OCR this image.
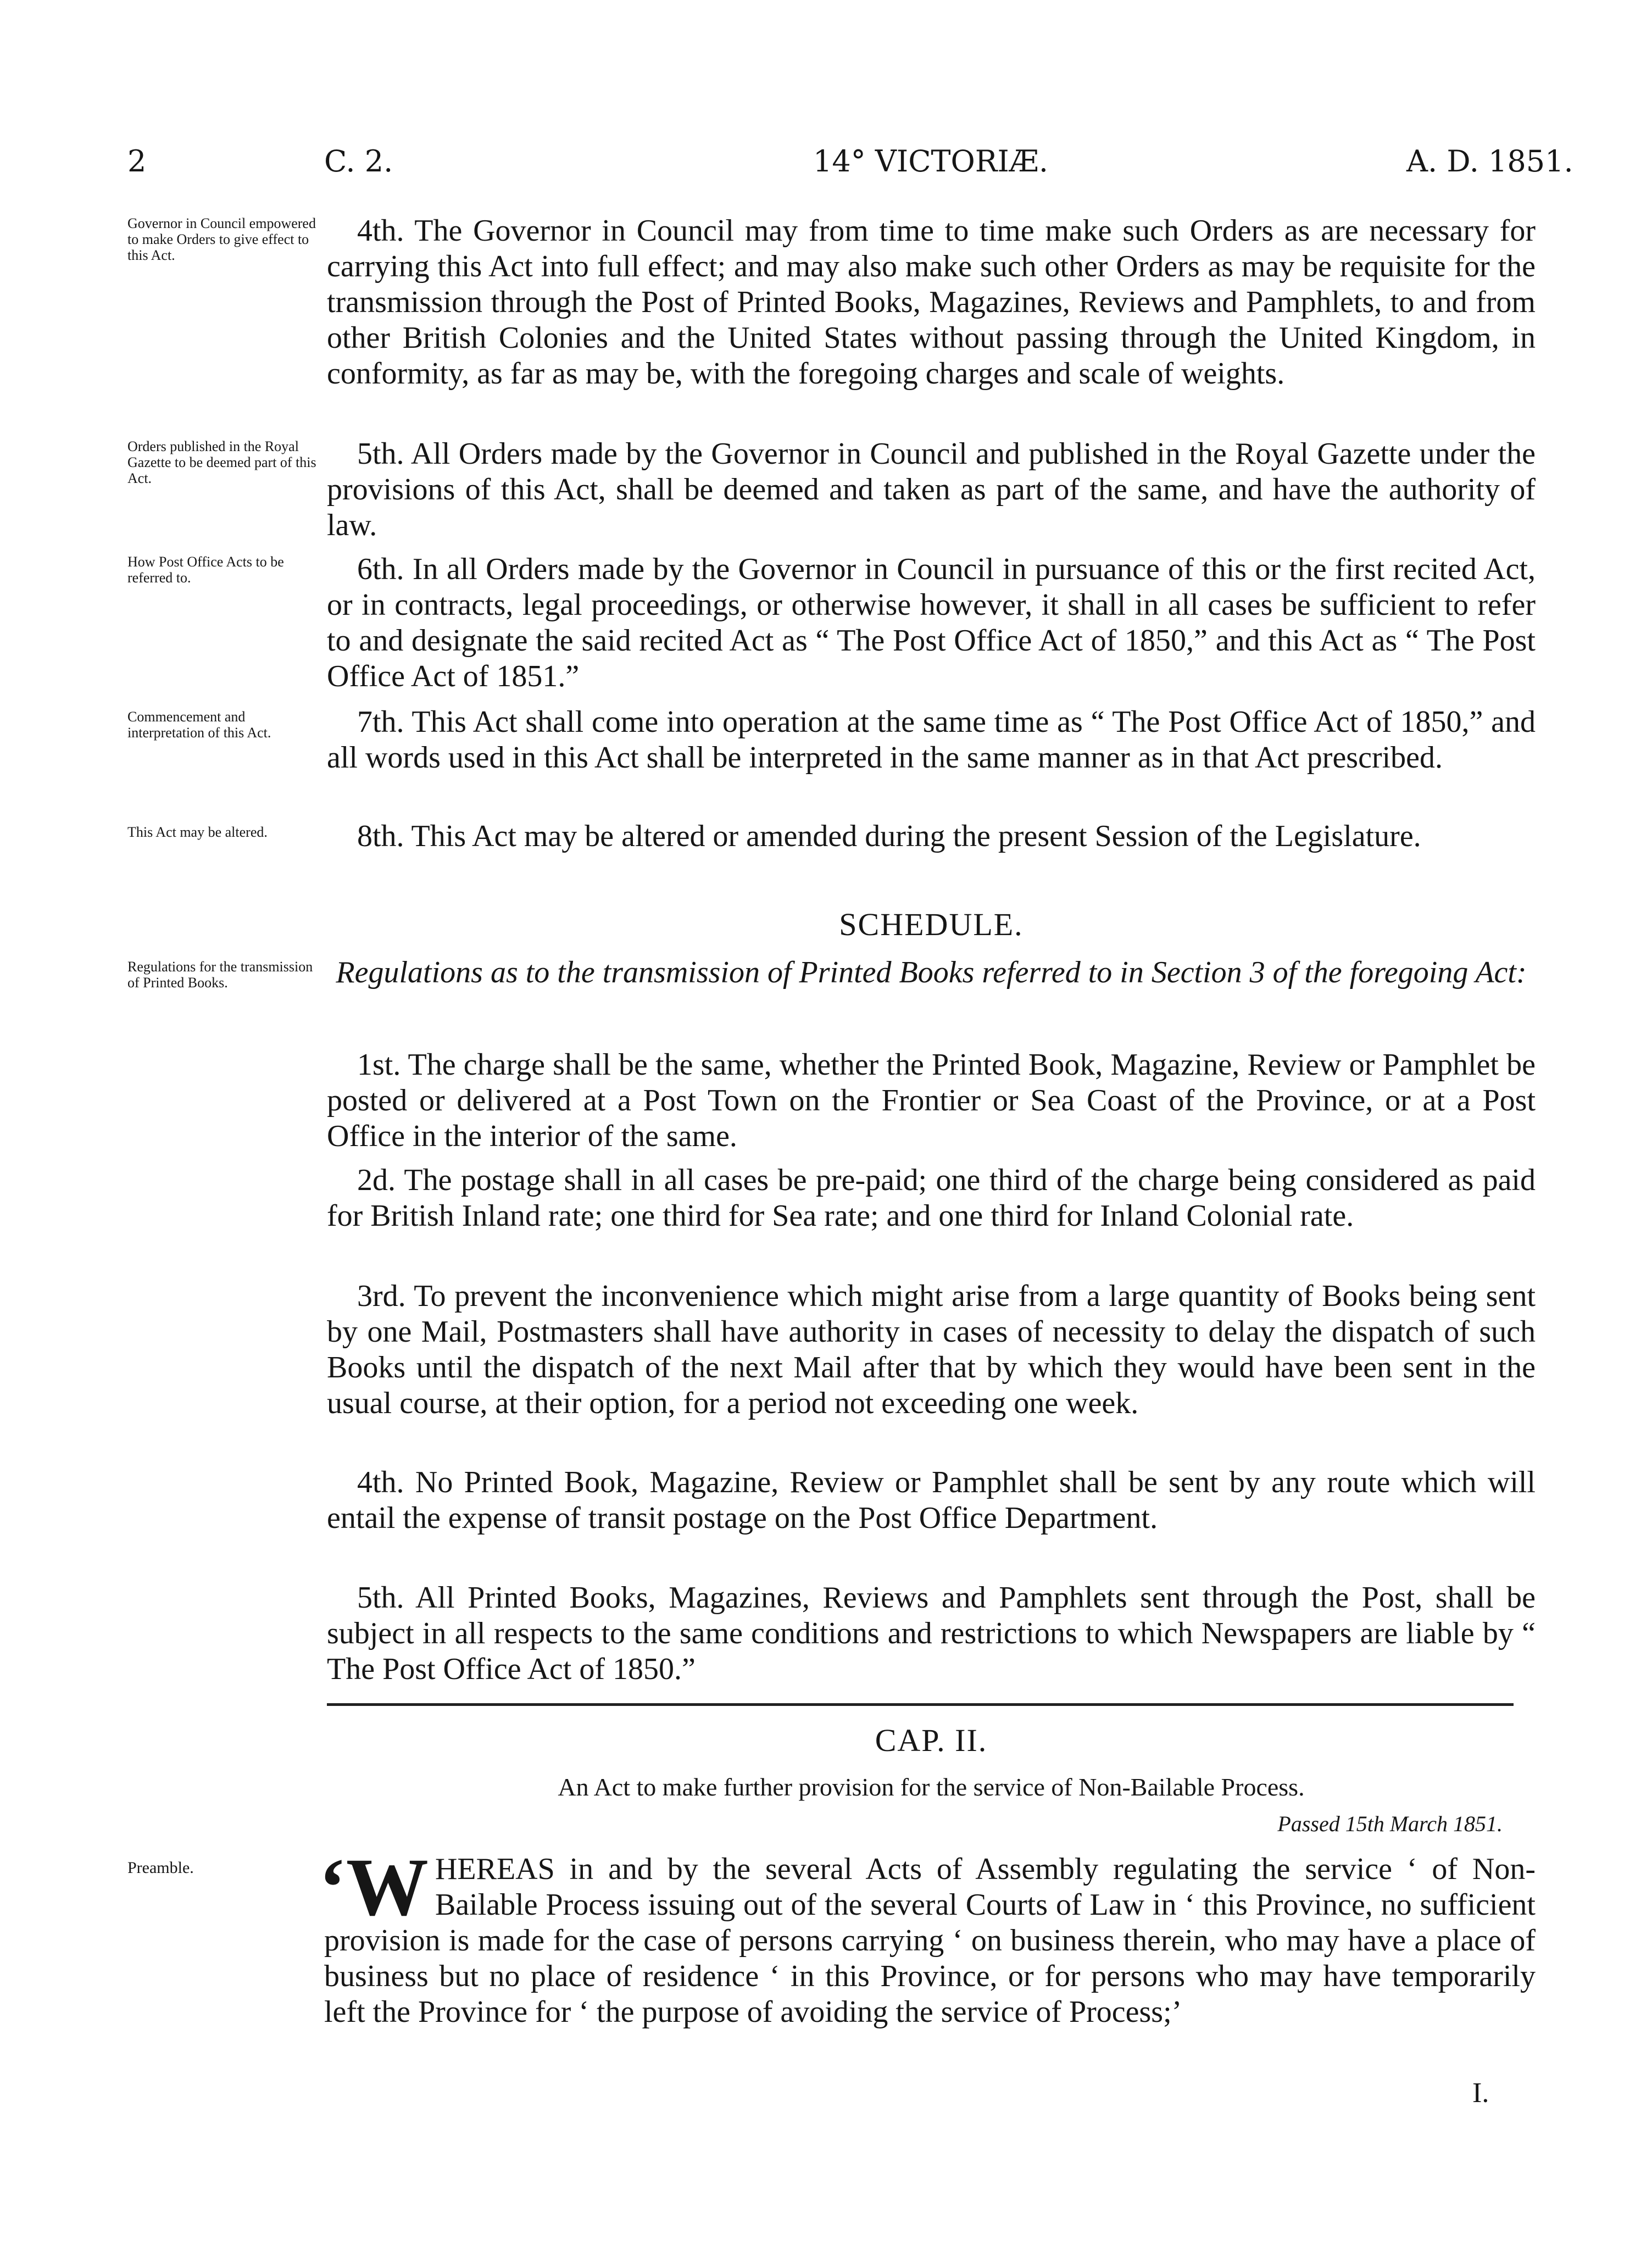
2	C. 2.	14° VICTORIÆ.	A. D. 1851.
Governor in Council empowered to make Orders to give effect to this Act.
4th. The Governor in Council may from time to time make such Orders as are necessary for carrying this Act into full effect; and may also make such other Orders as may be requisite for the transmission through the Post of Printed Books, Magazines, Reviews and Pamphlets, to and from other British Colonies and the United States without passing through the United Kingdom, in conformity, as far as may be, with the foregoing charges and scale of weights.
Orders published in the Royal Gazette to be deemed part of this Act.
5th. All Orders made by the Governor in Council and published in the Royal Gazette under the provisions of this Act, shall be deemed and taken as part of the same, and have the authority of law.
How Post Office Acts to be referred to.	6th. In all Orders made by the Governor in Council in pursuance of this or the first recited Act, or in contracts, legal proceedings, or otherwise however, it shall in all cases be sufficient to refer to and designate the said recited Act as “ The Post Office Act of 1850,” and this Act as “ The Post Office Act of 1851.”
Commencement and interpretation of this Act.	7th. This Act shall come into operation at the same time as “ The Post Office Act of 1850,” and all words used in this Act shall be interpreted in the same manner as in that Act prescribed.
This Act may be altered.	8th. This Act may be altered or amended during the present Session of the Legislature.
SCHEDULE.
Regulations for the transmission of Printed Books.	Regulations as to the transmission of Printed Books referred to in Section 3 of the foregoing Act:
1st. The charge shall be the same, whether the Printed Book, Magazine, Review or Pamphlet be posted or delivered at a Post Town on the Frontier or Sea Coast of the Province, or at a Post Office in the interior of the same.
2d. The postage shall in all cases be pre-paid; one third of the charge being considered as paid for British Inland rate; one third for Sea rate; and one third for Inland Colonial rate.
3rd. To prevent the inconvenience which might arise from a large quantity of Books being sent by one Mail, Postmasters shall have authority in cases of necessity to delay the dispatch of such Books until the dispatch of the next Mail after that by which they would have been sent in the usual course, at their option, for a period not exceeding one week.
4th. No Printed Book, Magazine, Review or Pamphlet shall be sent by any route which will entail the expense of transit postage on the Post Office Department.
5th. All Printed Books, Magazines, Reviews and Pamphlets sent through the Post, shall be subject in all respects to the same conditions and restrictions to which Newspapers are liable by “ The Post Office Act of 1850.”
CAP. II.
An Act to make further provision for the service of Non-Bailable Process.
Passed 15th March 1851.
Preamble.	‘W HEREAS in and by the several Acts of Assembly regulating the service ‘ of Non-Bailable Process issuing out of the several Courts of Law in ‘ this Province, no sufficient provision is made for the case of persons carrying ‘ on business therein, who may have a place of business but no place of residence ‘ in this Province, or for persons who may have temporarily left the Province for ‘ the purpose of avoiding the service of Process;’
I.
